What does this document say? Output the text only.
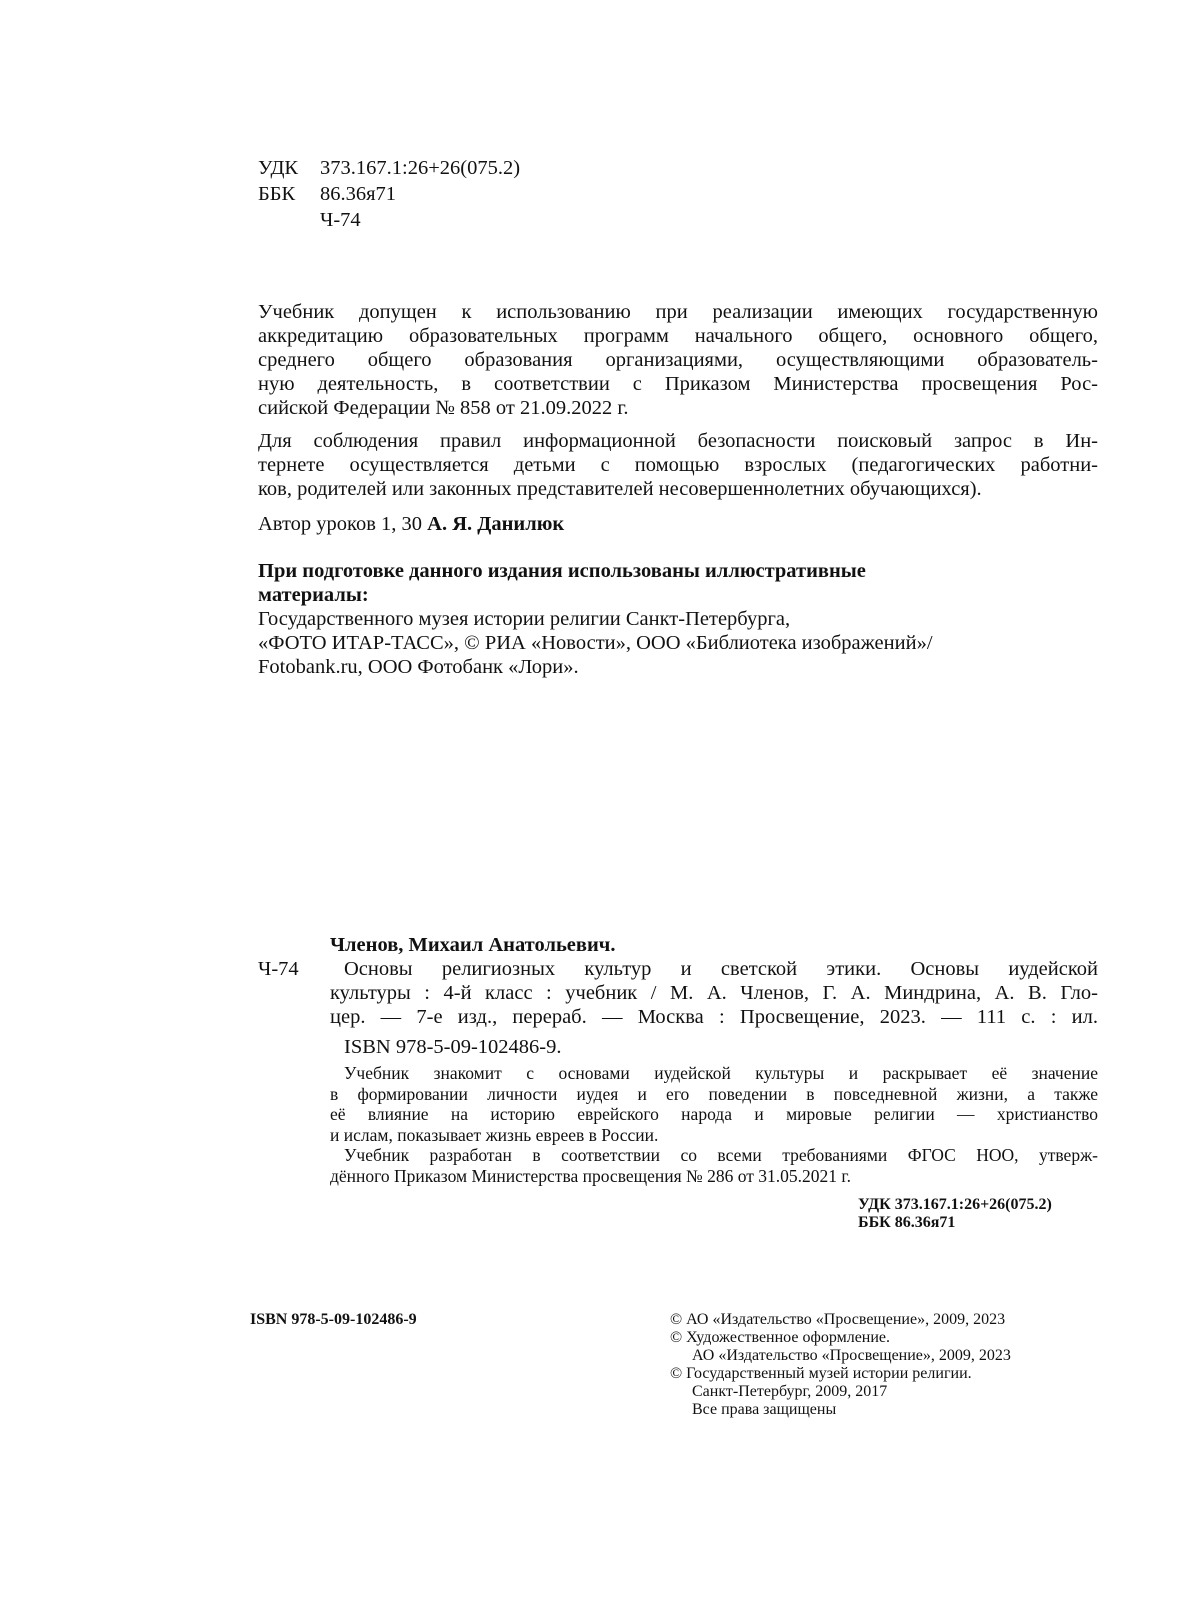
УДК 373.167.1:26+26(075.2)
ББК 86.36я71
Ч-74
Учебник допущен к использованию при реализации имеющих государственную
аккредитацию образовательных программ начального общего, основного общего,
среднего общего образования организациями, осуществляющими образователь-
ную деятельность, в соответствии с Приказом Министерства просвещения Рос-
сийской Федерации № 858 от 21.09.2022 г.
Для соблюдения правил информационной безопасности поисковый запрос в Ин-
тернете осуществляется детьми с помощью взрослых (педагогических работни-
ков, родителей или законных представителей несовершеннолетних обучающихся).
Автор уроков 1, 30 А. Я. Данилюк
При подготовке данного издания использованы иллюстративные
материалы:
Государственного музея истории религии Санкт-Петербурга,
«ФОТО ИТАР-ТАСС», © РИА «Новости», ООО «Библиотека изображений»/
Fotobank.ru, ООО Фотобанк «Лори».
Членов, Михаил Анатольевич.
Ч-74	Основы религиозных культур и светской этики. Основы иудейской
культуры : 4-й класс : учебник / М. А. Членов, Г. А. Миндрина, А. В. Гло-
цер. — 7-е изд., перераб. — Москва : Просвещение, 2023. — 111 с. : ил.
ISBN 978-5-09-102486-9.
Учебник знакомит с основами иудейской культуры и раскрывает её значение
в формировании личности иудея и его поведении в повседневной жизни, а также
её влияние на историю еврейского народа и мировые религии — христианство
и ислам, показывает жизнь евреев в России.
Учебник разработан в соответствии со всеми требованиями ФГОС НОО, утверж-
дённого Приказом Министерства просвещения № 286 от 31.05.2021 г.
УДК 373.167.1:26+26(075.2)
ББК 86.36я71
ISBN 978-5-09-102486-9	© АО «Издательство «Просвещение», 2009, 2023
© Художественное оформление.
АО «Издательство «Просвещение», 2009, 2023
© Государственный музей истории религии.
Санкт-Петербург, 2009, 2017
Все права защищены
